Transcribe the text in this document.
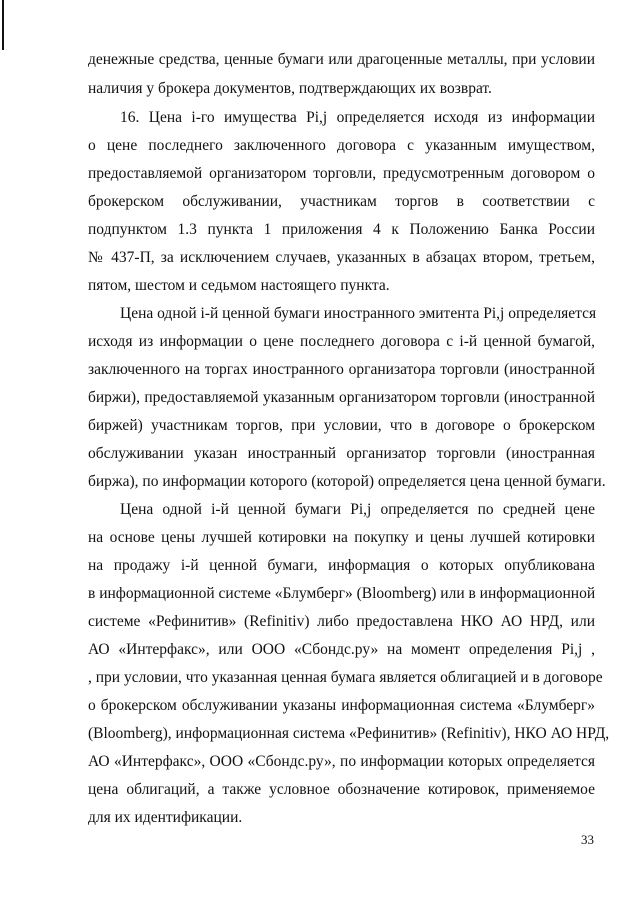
денежные средства, ценные бумаги или драгоценные металлы, при условии
наличия у брокера документов, подтверждающих их возврат.
16. Цена i-го имущества Pi,j определяется исходя из информации
о цене последнего заключенного договора с указанным имуществом,
предоставляемой организатором торговли, предусмотренным договором о
брокерском обслуживании, участникам торгов в соответствии с
подпунктом 1.3 пункта 1 приложения 4 к Положению Банка России
№ 437-П, за исключением случаев, указанных в абзацах втором, третьем,
пятом, шестом и седьмом настоящего пункта.
Цена одной i-й ценной бумаги иностранного эмитента Pi,j определяется
исходя из информации о цене последнего договора с i-й ценной бумагой,
заключенного на торгах иностранного организатора торговли (иностранной
биржи), предоставляемой указанным организатором торговли (иностранной
биржей) участникам торгов, при условии, что в договоре о брокерском
обслуживании указан иностранный организатор торговли (иностранная
биржа), по информации которого (которой) определяется цена ценной бумаги.
Цена одной i-й ценной бумаги Pi,j определяется по средней цене
на основе цены лучшей котировки на покупку и цены лучшей котировки
на продажу i-й ценной бумаги, информация о которых опубликована
в информационной системе «Блумберг» (Bloomberg) или в информационной
системе «Рефинитив» (Refinitiv) либо предоставлена НКО АО НРД, или
АО «Интерфакс», или ООО «Сбондс.ру» на момент определения Pi,j ,
, при условии, что указанная ценная бумага является облигацией и в договоре
о брокерском обслуживании указаны информационная система «Блумберг»
(Bloomberg), информационная система «Рефинитив» (Refinitiv), НКО АО НРД,
АО «Интерфакс», ООО «Сбондс.ру», по информации которых определяется
цена облигаций, а также условное обозначение котировок, применяемое
для их идентификации.
33
